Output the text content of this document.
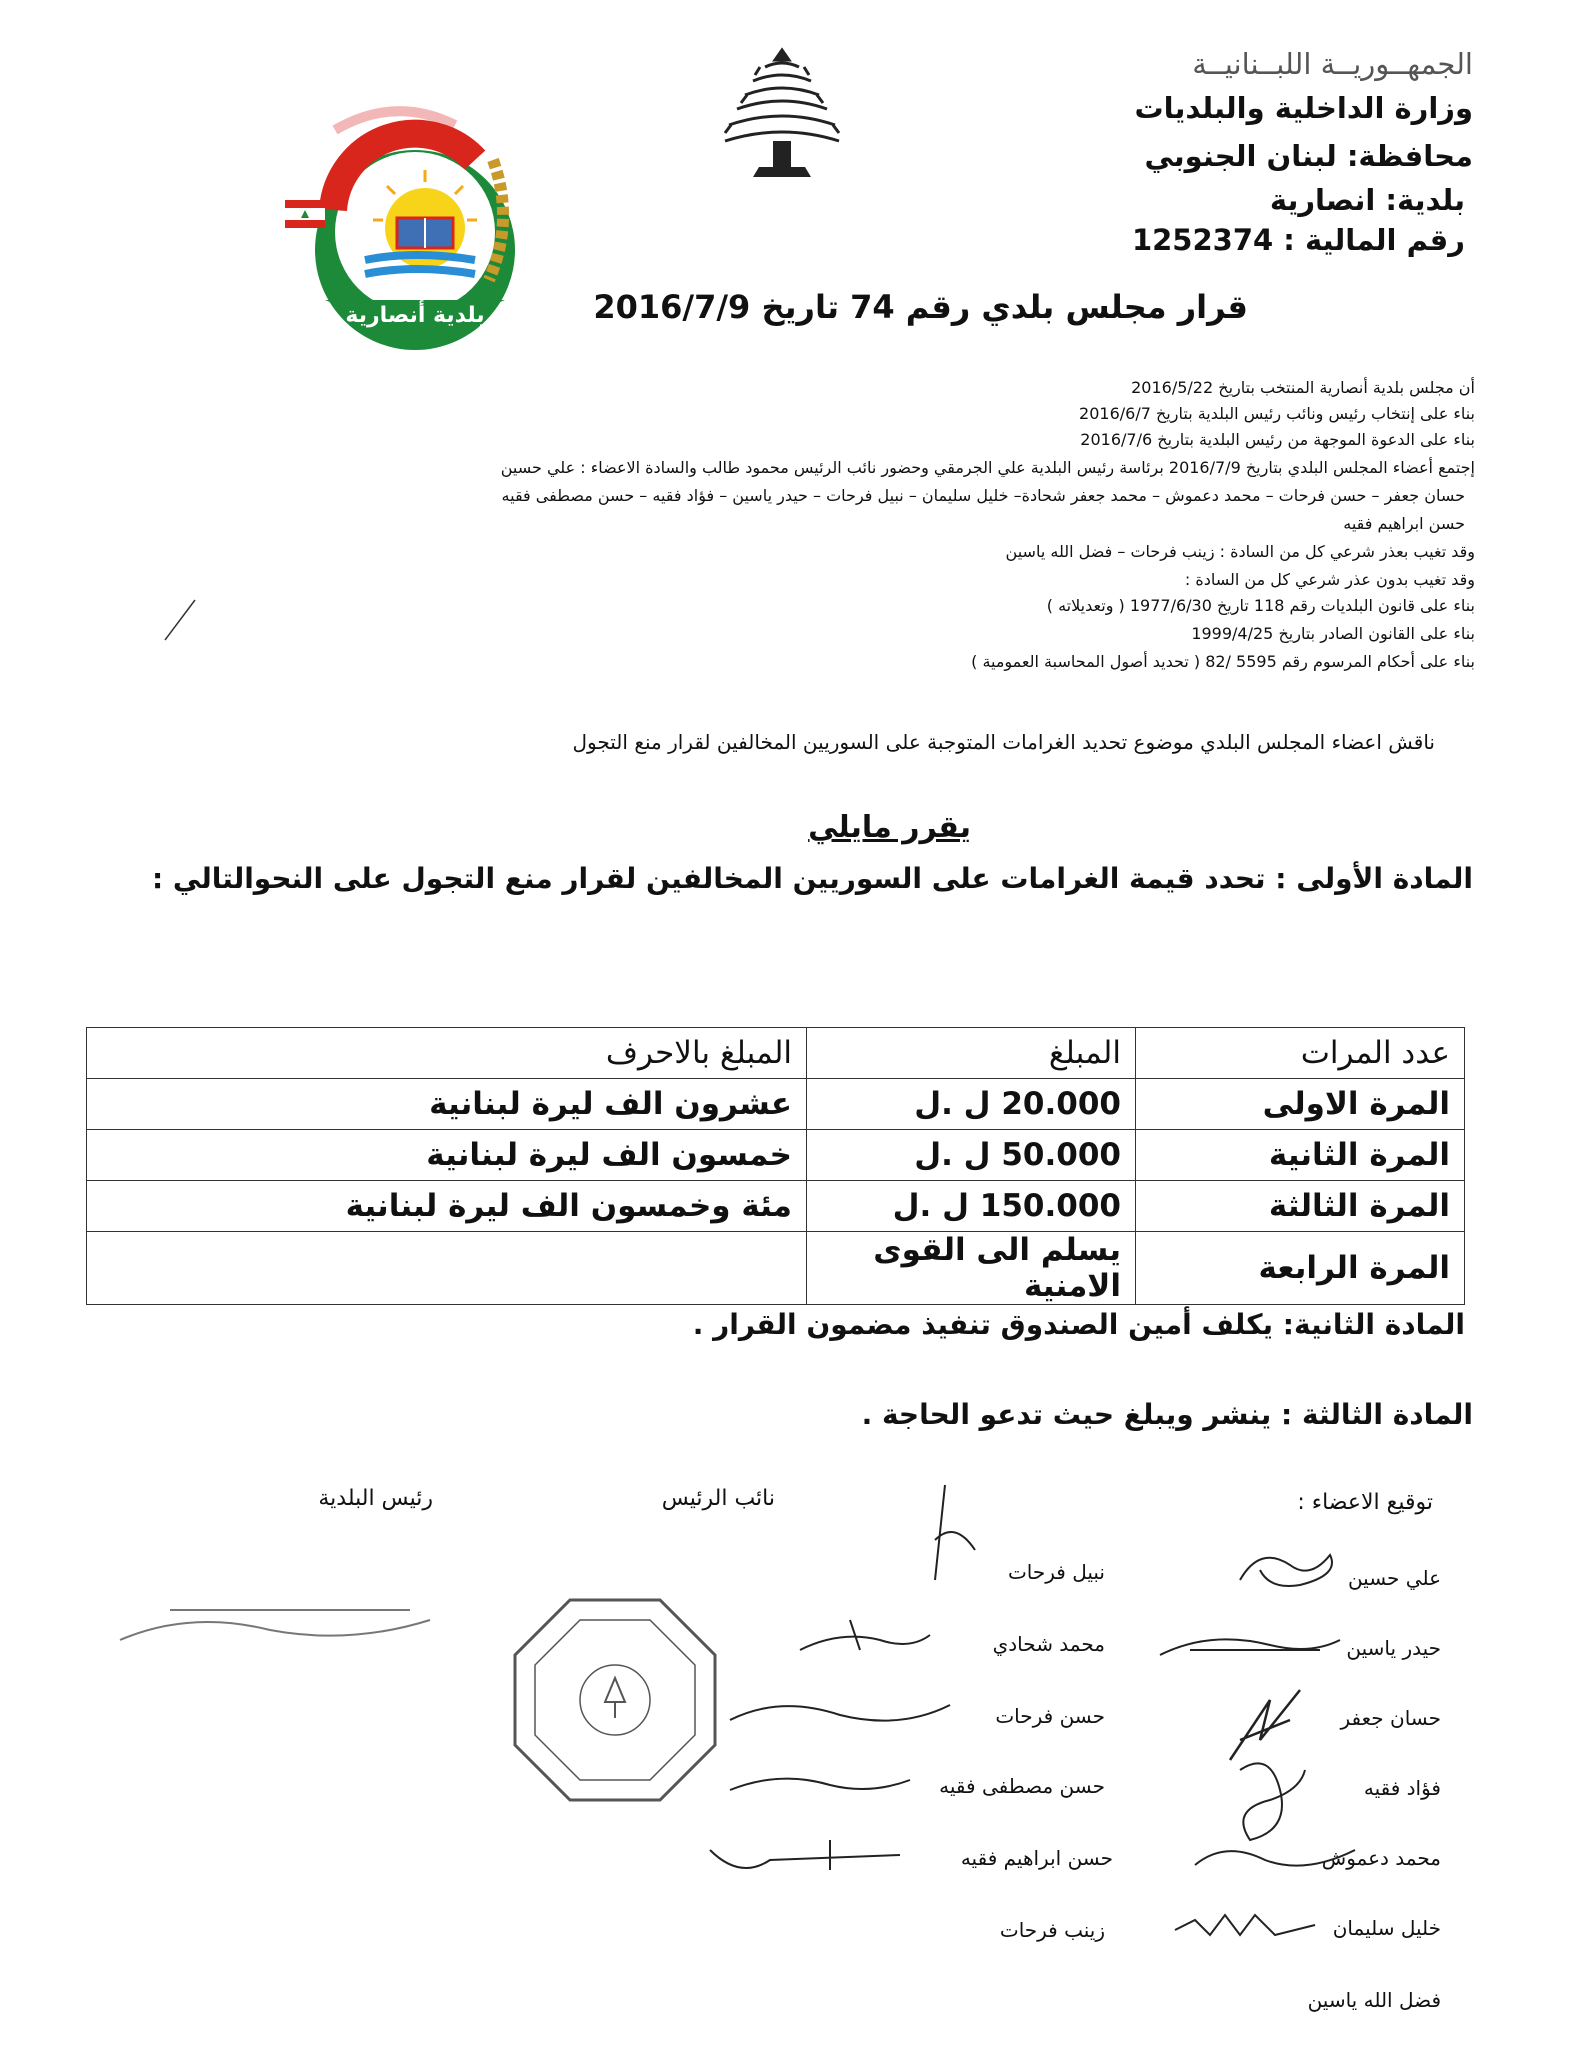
الجمهــوريــة اللبــنانيــة
وزارة الداخلية والبلديات
محافظة: لبنان الجنوبي
بلدية: انصارية
رقم المالية : 1252374
بلدية أنصارية	قرار مجلس بلدي رقم 74 تاريخ 2016/7/9
أن مجلس بلدية أنصارية المنتخب بتاريخ 2016/5/22
بناء على إنتخاب رئيس ونائب رئيس البلدية بتاريخ 2016/6/7
بناء على الدعوة الموجهة من رئيس البلدية بتاريخ 2016/7/6
إجتمع أعضاء المجلس البلدي بتاريخ 2016/7/9 برئاسة رئيس البلدية علي الجرمقي وحضور نائب الرئيس محمود طالب والسادة الاعضاء : علي حسين
حسان جعفر – حسن فرحات – محمد دعموش – محمد جعفر شحادة– خليل سليمان – نبيل فرحات – حيدر ياسين – فؤاد فقيه – حسن مصطفى فقيه
حسن ابراهيم فقيه
وقد تغيب بعذر شرعي كل من السادة : زينب فرحات – فضل الله ياسين
وقد تغيب بدون عذر شرعي كل من السادة :
بناء على قانون البلديات رقم 118 تاريخ 1977/6/30 ( وتعديلاته )
بناء على القانون الصادر بتاريخ 1999/4/25
بناء على أحكام المرسوم رقم 5595 /82 ( تحديد أصول المحاسبة العمومية )
ناقش اعضاء المجلس البلدي موضوع تحديد الغرامات المتوجبة على السوريين المخالفين لقرار منع التجول
يقرر مايلي
المادة الأولى : تحدد قيمة الغرامات على السوريين المخالفين لقرار منع التجول على النحوالتالي :
عدد المرات	المبلغ	المبلغ بالاحرف
المرة الاولى	20.000 ل .ل	عشرون الف ليرة لبنانية
المرة الثانية	50.000 ل .ل	خمسون الف ليرة لبنانية
المرة الثالثة	150.000 ل .ل	مئة وخمسون الف ليرة لبنانية
المرة الرابعة	يسلم الى القوى الامنية	
المادة الثانية: يكلف أمين الصندوق تنفيذ مضمون القرار .
المادة الثالثة : ينشر ويبلغ حيث تدعو الحاجة .
توقيع الاعضاء :
نائب الرئيس
رئيس البلدية
علي حسين
حيدر ياسين
حسان جعفر
فؤاد فقيه
محمد دعموش
خليل سليمان
فضل الله ياسين
نبيل فرحات
محمد شحادي
حسن فرحات
حسن مصطفى فقيه
حسن ابراهيم فقيه
زينب فرحات
